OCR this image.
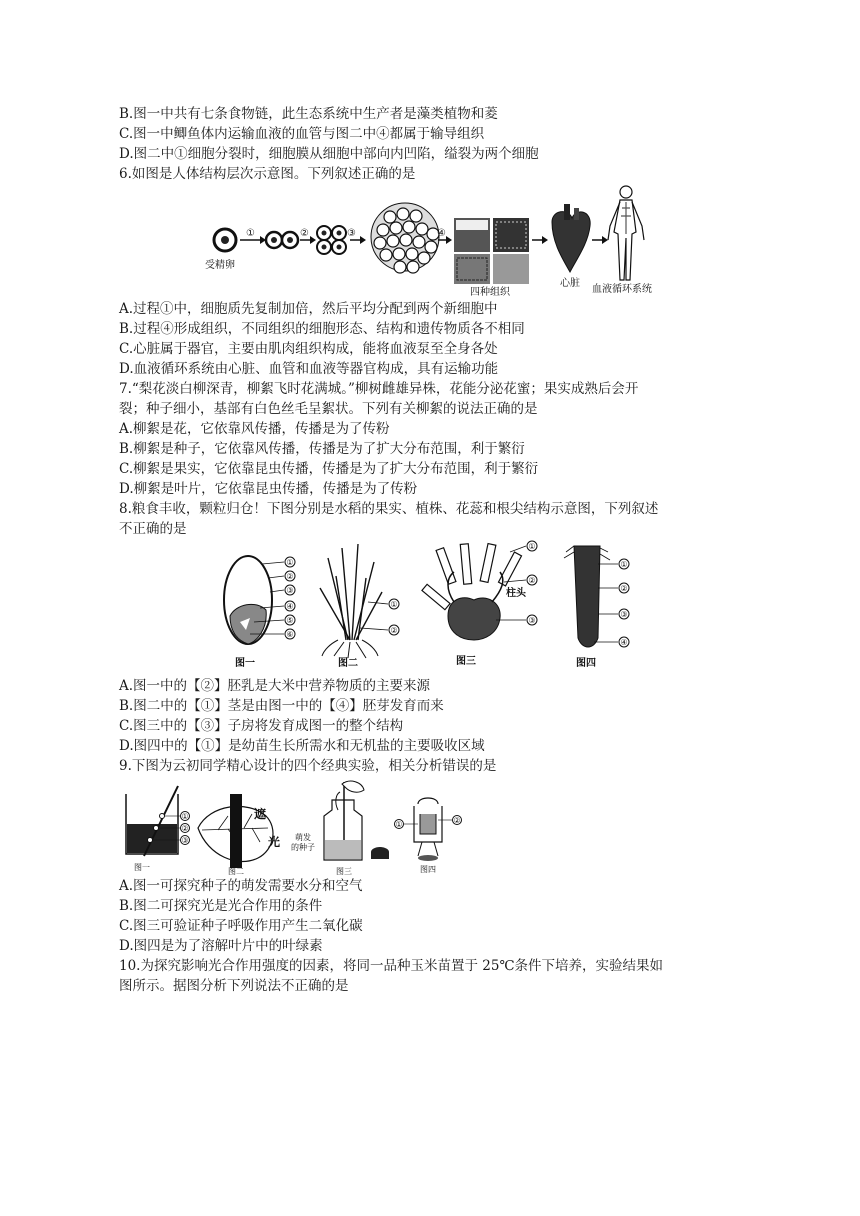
B.图一中共有七条食物链，此生态系统中生产者是藻类植物和菱
C.图一中鲫鱼体内运输血液的血管与图二中④都属于输导组织
D.图二中①细胞分裂时，细胞膜从细胞中部向内凹陷，缢裂为两个细胞
6.如图是人体结构层次示意图。下列叙述正确的是
受精卵
①	②	③	④
四种组织
心脏
血液循环系统
A.过程①中，细胞质先复制加倍，然后平均分配到两个新细胞中
B.过程④形成组织，不同组织的细胞形态、结构和遗传物质各不相同
C.心脏属于器官，主要由肌肉组织构成，能将血液泵至全身各处
D.血液循环系统由心脏、血管和血液等器官构成，具有运输功能
7.“梨花淡白柳深青，柳絮飞时花满城。”柳树雌雄异株，花能分泌花蜜；果实成熟后会开
裂；种子细小，基部有白色丝毛呈絮状。下列有关柳絮的说法正确的是
A.柳絮是花，它依靠风传播，传播是为了传粉
B.柳絮是种子，它依靠风传播，传播是为了扩大分布范围，利于繁衍
C.柳絮是果实，它依靠昆虫传播，传播是为了扩大分布范围，利于繁衍
D.柳絮是叶片，它依靠昆虫传播，传播是为了传粉
8.粮食丰收，颗粒归仓！下图分别是水稻的果实、植株、花蕊和根尖结构示意图，下列叙述
不正确的是
①
②
③
④
⑤
⑥
图一
①
②
图二
①
②
③
柱头
图三
①
②
③
④
图四
A.图一中的【②】胚乳是大米中营养物质的主要来源
B.图二中的【①】茎是由图一中的【④】胚芽发育而来
C.图三中的【③】子房将发育成图一的整个结构
D.图四中的【①】是幼苗生长所需水和无机盐的主要吸收区域
9.下图为云初同学精心设计的四个经典实验，相关分析错误的是
①
②
③
图一
遮
光
图二
萌发
的种子
图三
①	②
图四
A.图一可探究种子的萌发需要水分和空气
B.图二可探究光是光合作用的条件
C.图三可验证种子呼吸作用产生二氧化碳
D.图四是为了溶解叶片中的叶绿素
10.为探究影响光合作用强度的因素，将同一品种玉米苗置于 25℃条件下培养，实验结果如
图所示。据图分析下列说法不正确的是
